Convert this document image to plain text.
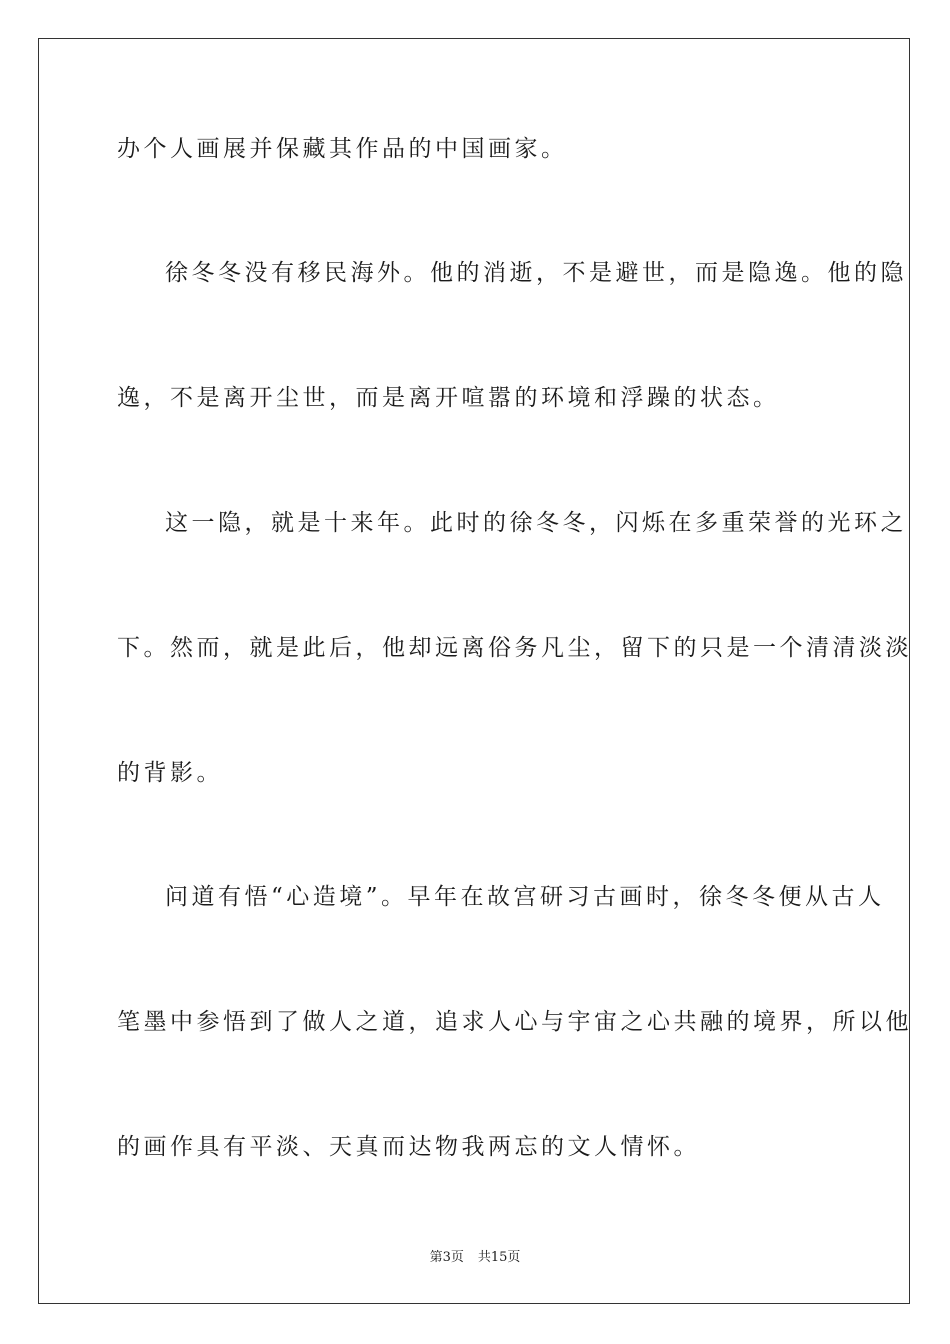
办个人画展并保藏其作品的中国画家。
徐冬冬没有移民海外。他的消逝，不是避世，而是隐逸。他的隐
逸，不是离开尘世，而是离开喧嚣的环境和浮躁的状态。
这一隐，就是十来年。此时的徐冬冬，闪烁在多重荣誉的光环之
下。然而，就是此后，他却远离俗务凡尘，留下的只是一个清清淡淡
的背影。
问道有悟“心造境”。早年在故宫研习古画时，徐冬冬便从古人
笔墨中参悟到了做人之道，追求人心与宇宙之心共融的境界，所以他
的画作具有平淡、天真而达物我两忘的文人情怀。
第3页 共15页
